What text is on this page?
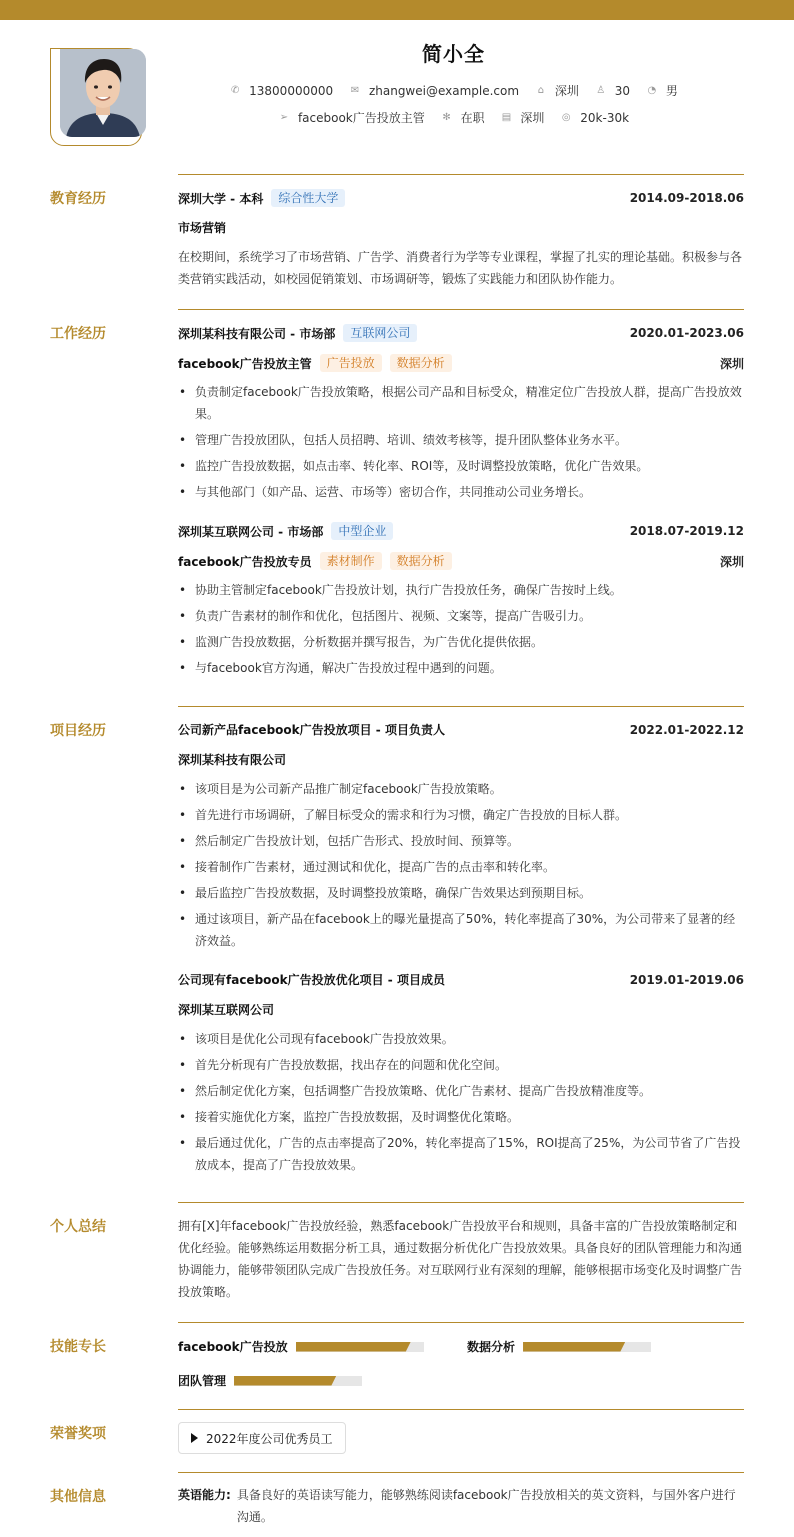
简小全
✆ 13800000000
✉ zhangwei@example.com
⌂ 深圳
♙ 30
◔ 男
➢ facebook广告投放主管
✻ 在职
▤ 深圳
◎ 20k-30k
教育经历	深圳大学 - 本科	综合性大学	2014.09-2018.06
市场营销
在校期间，系统学习了市场营销、广告学、消费者行为学等专业课程，掌握了扎实的理论基础。积极参与各类营销实践活动，如校园促销策划、市场调研等，锻炼了实践能力和团队协作能力。
工作经历	深圳某科技有限公司 - 市场部	互联网公司	2020.01-2023.06
facebook广告投放主管	广告投放	数据分析	深圳
• 负责制定facebook广告投放策略，根据公司产品和目标受众，精准定位广告投放人群，提高广告投放效果。
• 管理广告投放团队，包括人员招聘、培训、绩效考核等，提升团队整体业务水平。
• 监控广告投放数据，如点击率、转化率、ROI等，及时调整投放策略，优化广告效果。
• 与其他部门（如产品、运营、市场等）密切合作，共同推动公司业务增长。
深圳某互联网公司 - 市场部	中型企业	2018.07-2019.12
facebook广告投放专员	素材制作	数据分析	深圳
• 协助主管制定facebook广告投放计划，执行广告投放任务，确保广告按时上线。
• 负责广告素材的制作和优化，包括图片、视频、文案等，提高广告吸引力。
• 监测广告投放数据，分析数据并撰写报告，为广告优化提供依据。
• 与facebook官方沟通，解决广告投放过程中遇到的问题。
项目经历	公司新产品facebook广告投放项目 - 项目负责人	2022.01-2022.12
深圳某科技有限公司
• 该项目是为公司新产品推广制定facebook广告投放策略。
• 首先进行市场调研，了解目标受众的需求和行为习惯，确定广告投放的目标人群。
• 然后制定广告投放计划，包括广告形式、投放时间、预算等。
• 接着制作广告素材，通过测试和优化，提高广告的点击率和转化率。
• 最后监控广告投放数据，及时调整投放策略，确保广告效果达到预期目标。
• 通过该项目，新产品在facebook上的曝光量提高了50%，转化率提高了30%，为公司带来了显著的经济效益。
公司现有facebook广告投放优化项目 - 项目成员	2019.01-2019.06
深圳某互联网公司
• 该项目是优化公司现有facebook广告投放效果。
• 首先分析现有广告投放数据，找出存在的问题和优化空间。
• 然后制定优化方案，包括调整广告投放策略、优化广告素材、提高广告投放精准度等。
• 接着实施优化方案，监控广告投放数据，及时调整优化策略。
• 最后通过优化，广告的点击率提高了20%，转化率提高了15%，ROI提高了25%，为公司节省了广告投放成本，提高了广告投放效果。
个人总结	拥有[X]年facebook广告投放经验，熟悉facebook广告投放平台和规则，具备丰富的广告投放策略制定和优化经验。能够熟练运用数据分析工具，通过数据分析优化广告投放效果。具备良好的团队管理能力和沟通协调能力，能够带领团队完成广告投放任务。对互联网行业有深刻的理解，能够根据市场变化及时调整广告投放策略。
技能专长	facebook广告投放	数据分析
团队管理
荣誉奖项	2022年度公司优秀员工
其他信息	英语能力: 具备良好的英语读写能力，能够熟练阅读facebook广告投放相关的英文资料，与国外客户进行沟通。
